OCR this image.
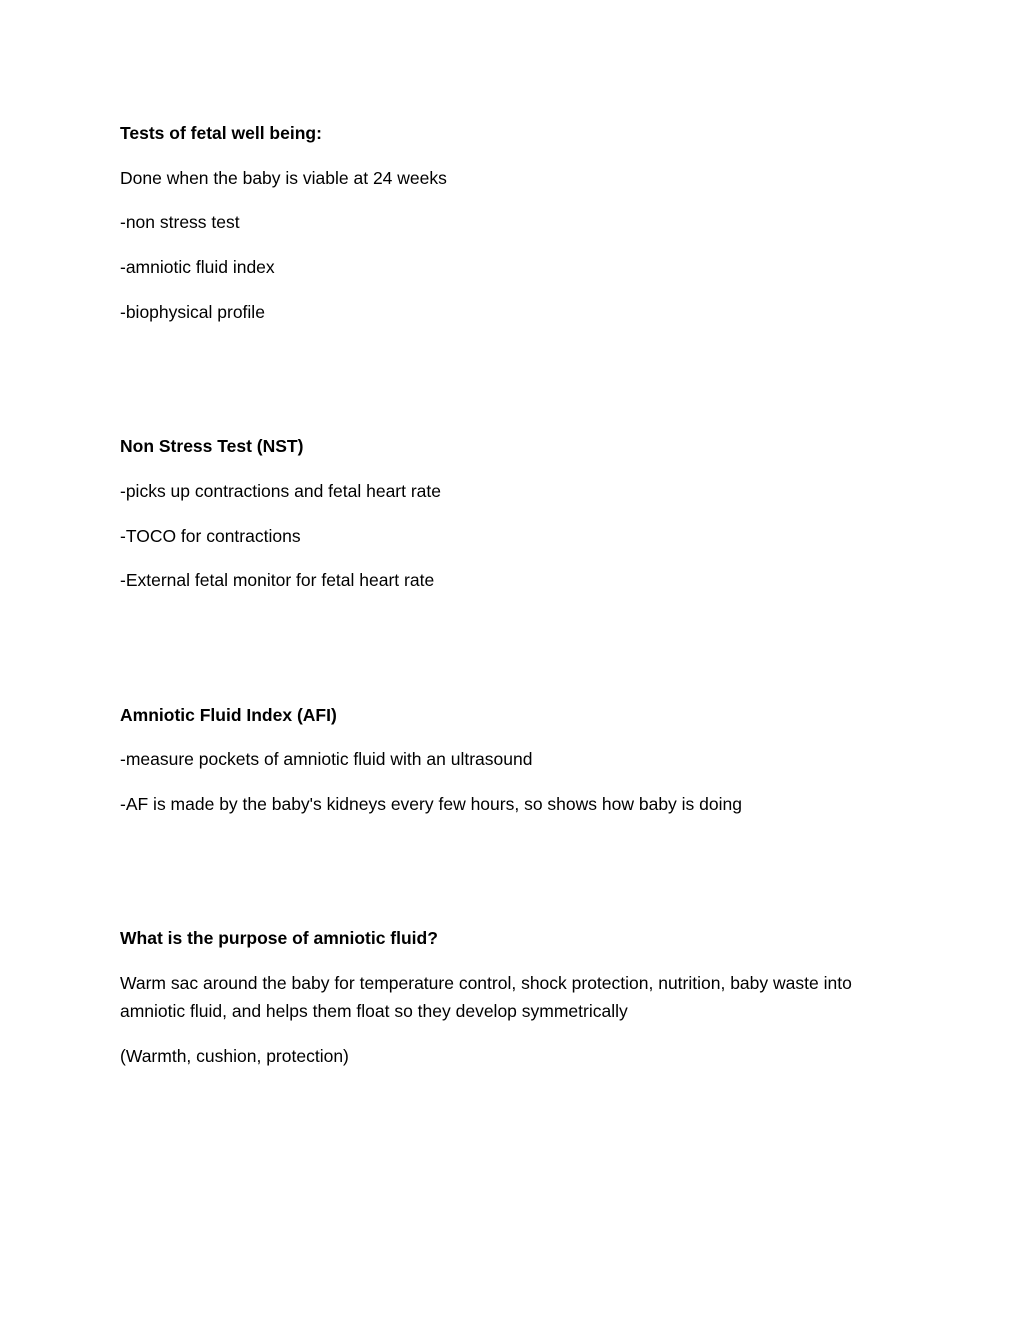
Tests of fetal well being:
Done when the baby is viable at 24 weeks
-non stress test
-amniotic fluid index
-biophysical profile
Non Stress Test (NST)
-picks up contractions and fetal heart rate
-TOCO for contractions
-External fetal monitor for fetal heart rate
Amniotic Fluid Index (AFI)
-measure pockets of amniotic fluid with an ultrasound
-AF is made by the baby's kidneys every few hours, so shows how baby is doing
What is the purpose of amniotic fluid?
Warm sac around the baby for temperature control, shock protection, nutrition, baby waste into amniotic fluid, and helps them float so they develop symmetrically
(Warmth, cushion, protection)
